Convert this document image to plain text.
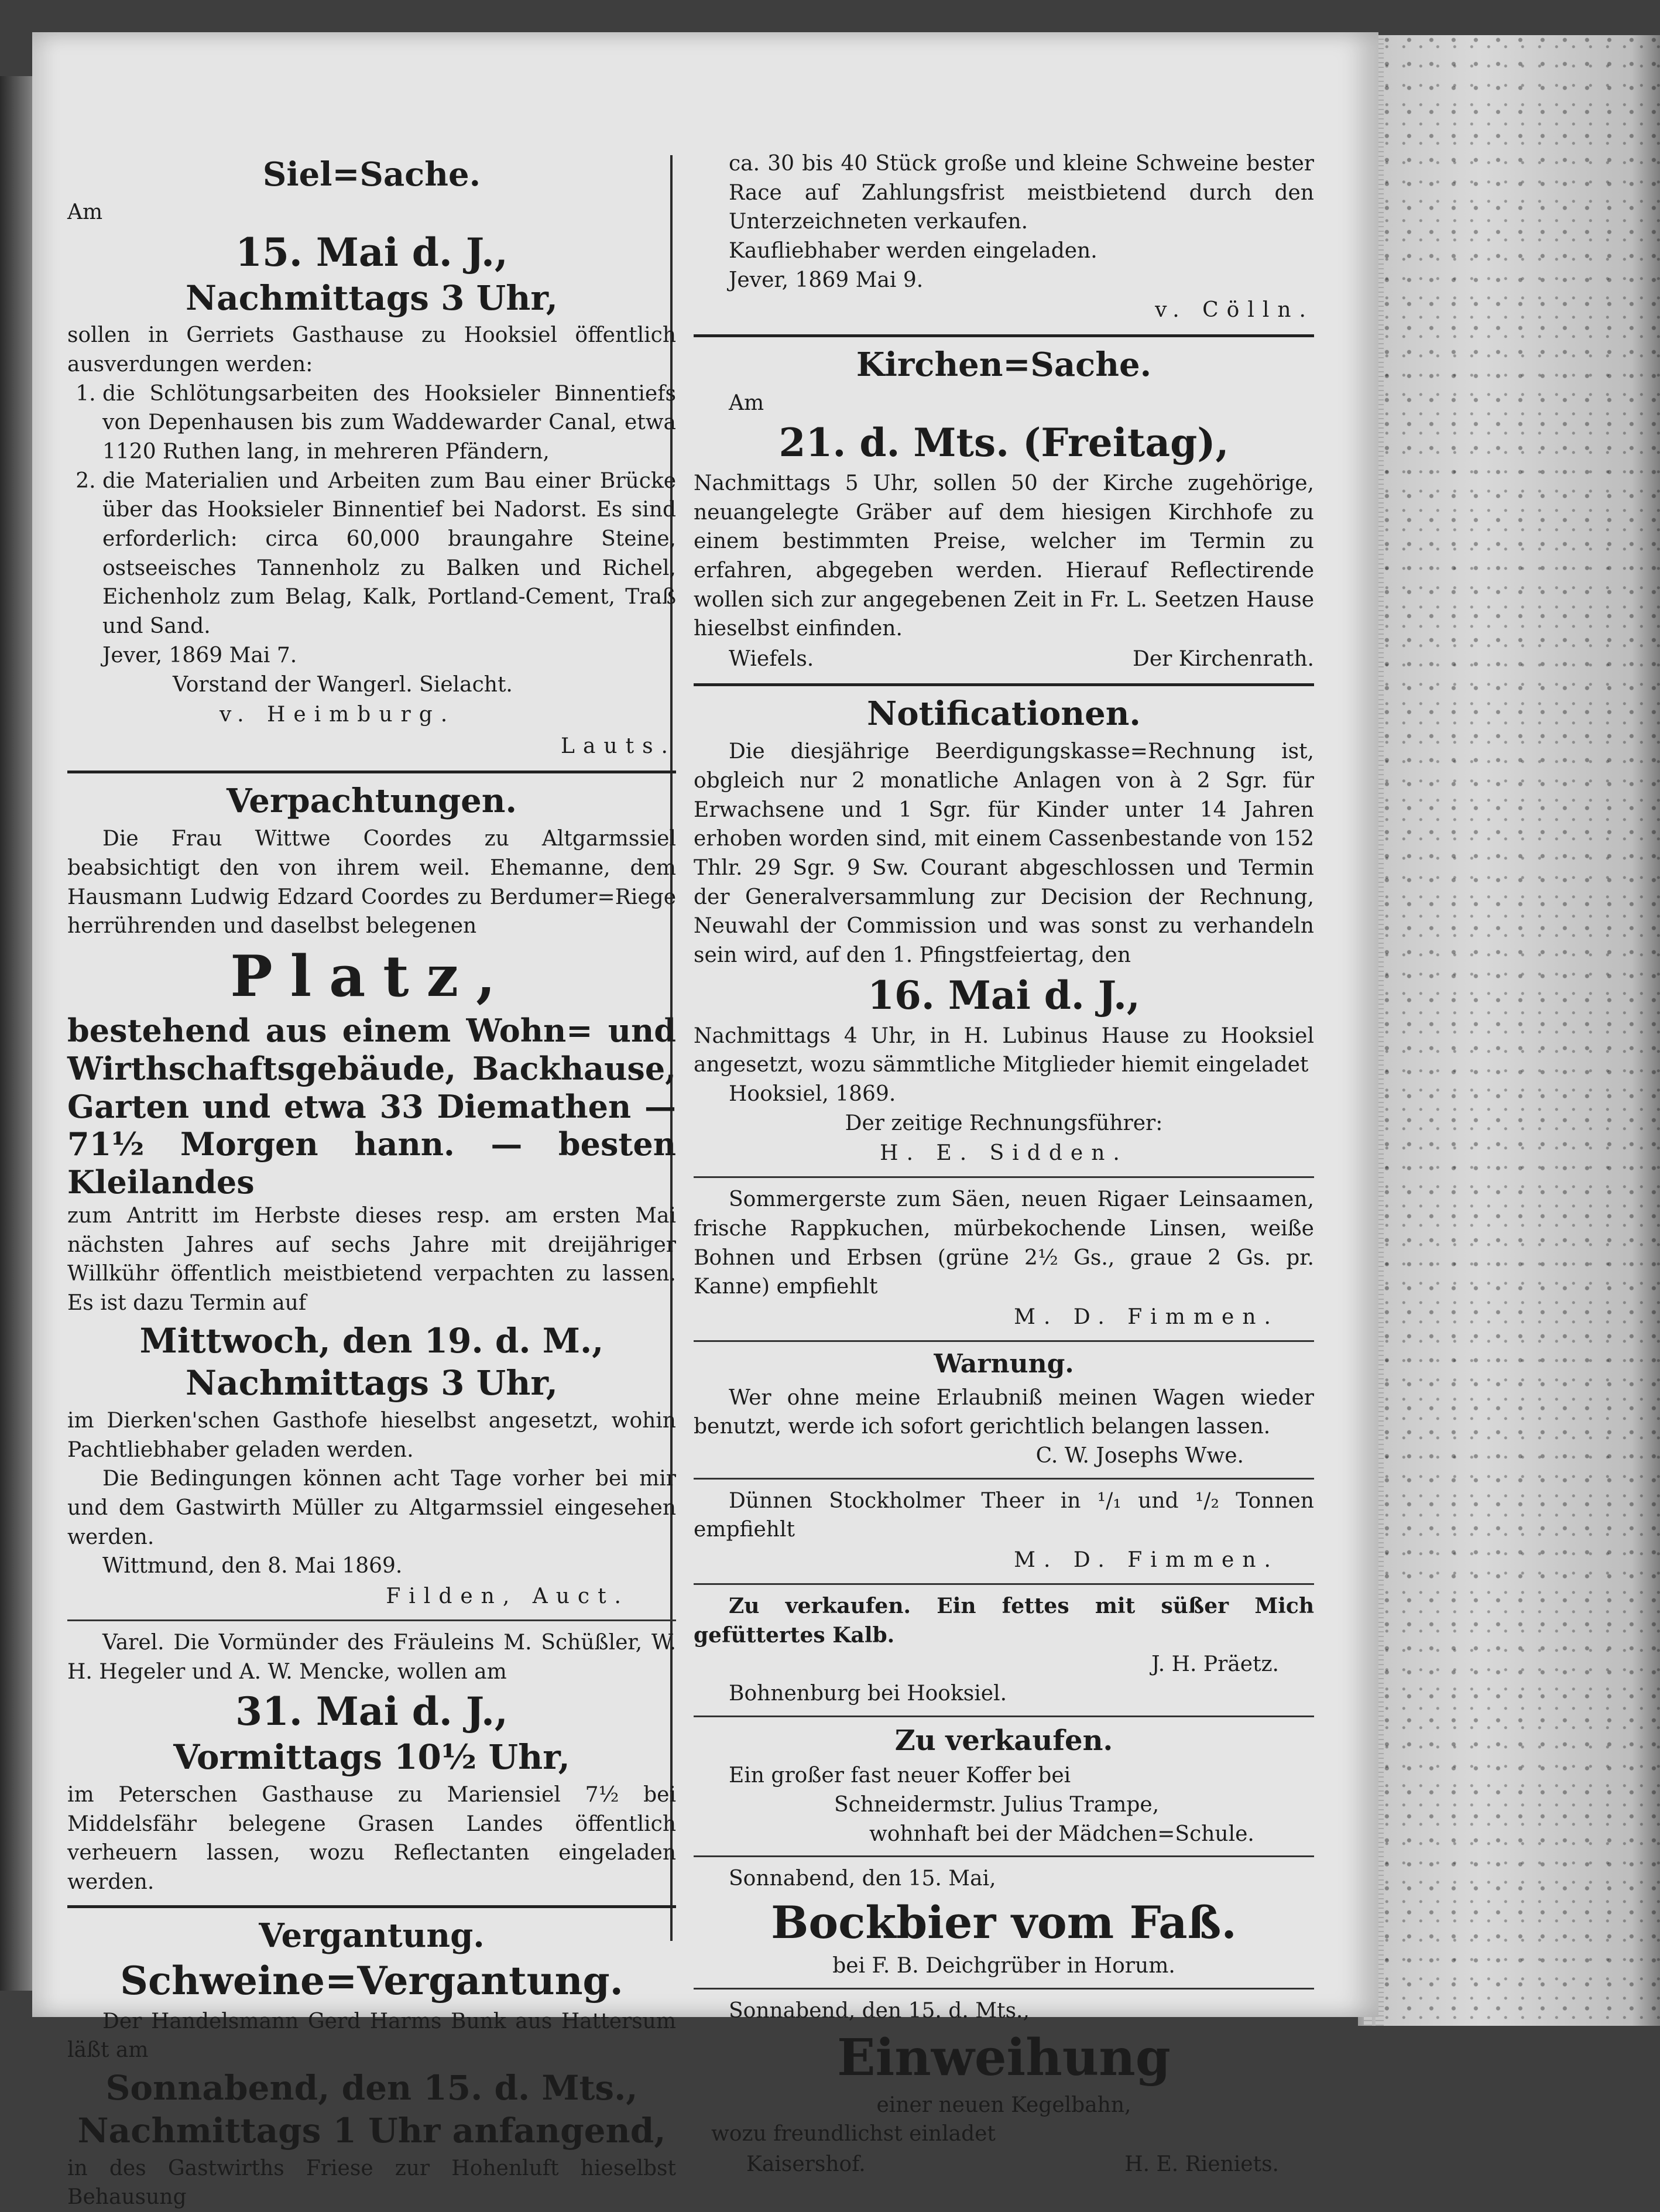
Siel=Sache.
Am
15. Mai d. J.,
Nachmittags 3 Uhr,

sollen in Gerriets Gasthause zu Hooksiel öffentlich ausverdungen werden:

1. die Schlötungsarbeiten des Hooksieler Binnentiefs von Depenhausen bis zum Waddewarder Canal, etwa 1120 Ruthen lang, in mehreren Pfändern,
2. die Materialien und Arbeiten zum Bau einer Brücke über das Hooksieler Binnentief bei Nadorst. Es sind erforderlich: circa 60,000 braungahre Steine, ostseeisches Tannenholz zu Balken und Richel, Eichenholz zum Belag, Kalk, Portland-Cement, Traß und Sand.

Jever, 1869 Mai 7.

Vorstand der Wangerl. Sielacht.

v. Heimburg.
Lauts.
Verpachtungen.

Die Frau Wittwe Coordes zu Altgarmssiel beabsichtigt den von ihrem weil. Ehemanne, dem Hausmann Ludwig Edzard Coordes zu Berdumer=Riege herrührenden und daselbst belegenen

Platz,

bestehend aus einem Wohn= und Wirthschaftsgebäude, Backhause, Garten und etwa 33 Diemathen — 71½ Morgen hann. — besten Kleilandes

zum Antritt im Herbste dieses resp. am ersten Mai nächsten Jahres auf sechs Jahre mit dreijähriger Willkühr öffentlich meistbietend verpachten zu lassen. Es ist dazu Termin auf

Mittwoch, den 19. d. M.,
Nachmittags 3 Uhr,

im Dierken'schen Gasthofe hieselbst angesetzt, wohin Pachtliebhaber geladen werden.

Die Bedingungen können acht Tage vorher bei mir und dem Gastwirth Müller zu Altgarmssiel eingesehen werden.

Wittmund, den 8. Mai 1869.

Filden, Auct.

Varel. Die Vormünder des Fräuleins M. Schüßler, W. H. Hegeler und A. W. Mencke, wollen am

31. Mai d. J.,
Vormittags 10½ Uhr,

im Peterschen Gasthause zu Mariensiel 7½ bei Middelsfähr belegene Grasen Landes öffentlich verheuern lassen, wozu Reflectanten eingeladen werden.

Vergantung.
Schweine=Vergantung.

Der Handelsmann Gerd Harms Bunk aus Hattersum läßt am

Sonnabend, den 15. d. Mts.,
Nachmittags 1 Uhr anfangend,

in des Gastwirths Friese zur Hohenluft hieselbst Behausung

ca. 30 bis 40 Stück große und kleine Schweine bester Race auf Zahlungsfrist meistbietend durch den Unterzeichneten verkaufen.

Kaufliebhaber werden eingeladen.

Jever, 1869 Mai 9.

v. Cölln.
Kirchen=Sache.
Am
21. d. Mts. (Freitag),

Nachmittags 5 Uhr, sollen 50 der Kirche zugehörige, neuangelegte Gräber auf dem hiesigen Kirchhofe zu einem bestimmten Preise, welcher im Termin zu erfahren, abgegeben werden. Hierauf Reflectirende wollen sich zur angegebenen Zeit in Fr. L. Seetzen Hause hieselbst einfinden.

Wiefels.	Der Kirchenrath.
Notificationen.

Die diesjährige Beerdigungskasse=Rechnung ist, obgleich nur 2 monatliche Anlagen von à 2 Sgr. für Erwachsene und 1 Sgr. für Kinder unter 14 Jahren erhoben worden sind, mit einem Cassenbestande von 152 Thlr. 29 Sgr. 9 Sw. Courant abgeschlossen und Termin der Generalversammlung zur Decision der Rechnung, Neuwahl der Commission und was sonst zu verhandeln sein wird, auf den 1. Pfingstfeiertag, den

16. Mai d. J.,

Nachmittags 4 Uhr, in H. Lubinus Hause zu Hooksiel angesetzt, wozu sämmtliche Mitglieder hiemit eingeladet

Hooksiel, 1869.

Der zeitige Rechnungsführer:

H. E. Sidden.

Sommergerste zum Säen, neuen Rigaer Leinsaamen, frische Rappkuchen, mürbekochende Linsen, weiße Bohnen und Erbsen (grüne 2½ Gs., graue 2 Gs. pr. Kanne) empfiehlt

M. D. Fimmen.
Warnung.

Wer ohne meine Erlaubniß meinen Wagen wieder benutzt, werde ich sofort gerichtlich belangen lassen.

C. W. Josephs Wwe.

Dünnen Stockholmer Theer in ¹/₁ und ¹/₂ Tonnen empfiehlt

M. D. Fimmen.

Zu verkaufen. Ein fettes mit süßer Mich gefüttertes Kalb.

J. H. Präetz.

Bohnenburg bei Hooksiel.

Zu verkaufen.

Ein großer fast neuer Koffer bei

Schneidermstr. Julius Trampe,

wohnhaft bei der Mädchen=Schule.

Sonnabend, den 15. Mai,

Bockbier vom Faß.

bei F. B. Deichgrüber in Horum.

Sonnabend, den 15. d. Mts.,

Einweihung

einer neuen Kegelbahn,

wozu freundlichst einladet

Kaisershof.	H. E. Rieniets.
